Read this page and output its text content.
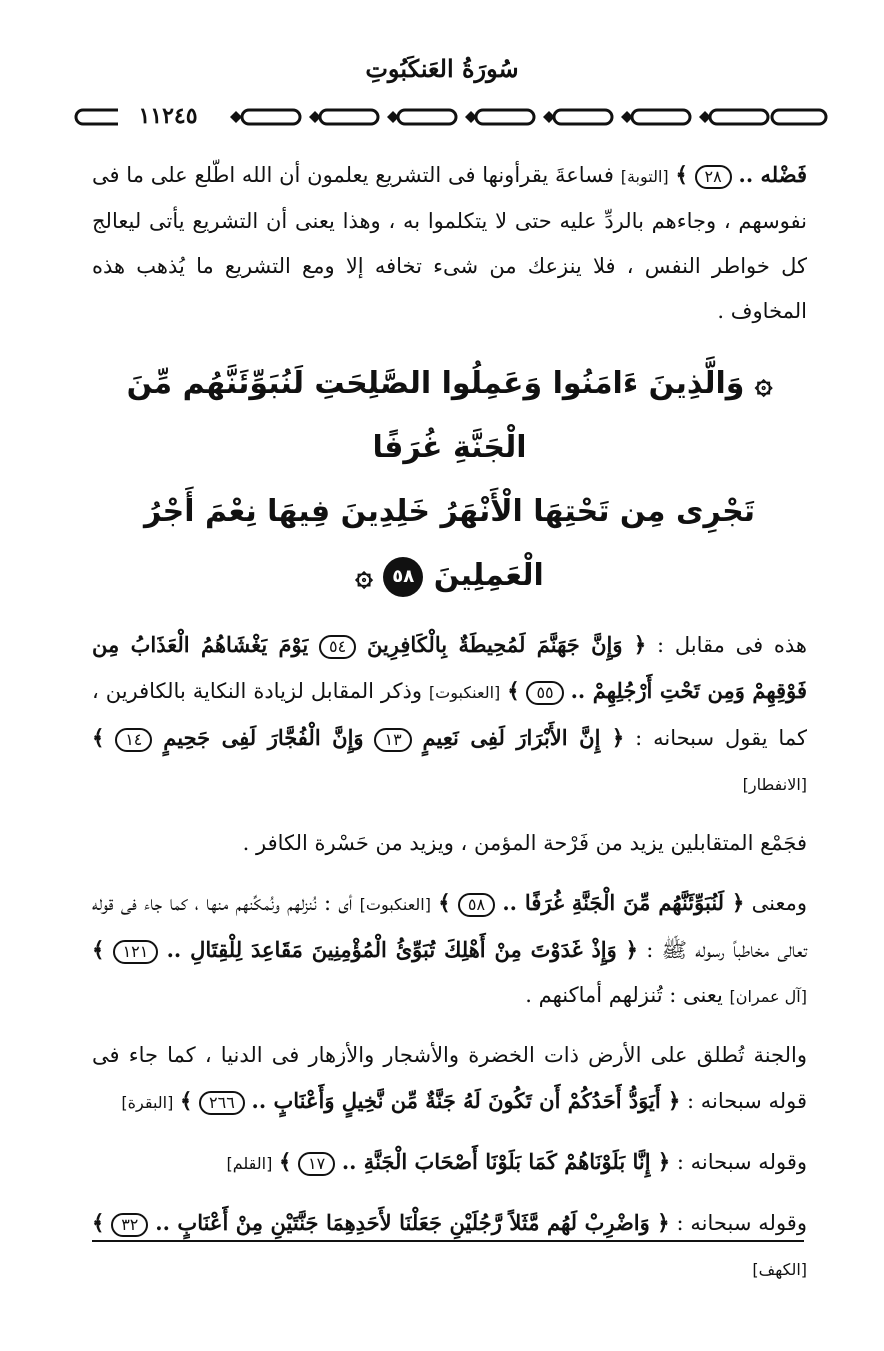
سُورَةُ العَنكَبُوتِ
١١٢٤٥

فَضْله .. ٢٨ ﴾ [التوبة] فساعةَ يقرأونها فى التشريع يعلمون أن الله اطّلع على ما فى نفوسهم ، وجاءهم بالردِّ عليه حتى لا يتكلموا به ، وهذا يعنى أن التشريع يأتى ليعالج كل خواطر النفس ، فلا ينزعك من شىء تخافه إلا ومع التشريع ما يُذهب هذه المخاوف .

۞ وَالَّذِينَ ءَامَنُوا وَعَمِلُوا الصَّلِحَتِ لَنُبَوِّئَنَّهُم مِّنَ الْجَنَّةِ غُرَفًا
تَجْرِى مِن تَحْتِهَا الْأَنْهَرُ خَلِدِينَ فِيهَا نِعْمَ أَجْرُ الْعَمِلِينَ ٥٨ ۞

هذه فى مقابل : ﴿ وَإِنَّ جَهَنَّمَ لَمُحِيطَةٌ بِالْكَافِرِينَ ٥٤ يَوْمَ يَغْشَاهُمُ الْعَذَابُ مِن فَوْقِهِمْ وَمِن تَحْتِ أَرْجُلِهِمْ .. ٥٥ ﴾ [العنكبوت] وذكر المقابل لزيادة النكاية بالكافرين ، كما يقول سبحانه : ﴿ إِنَّ الأَبْرَارَ لَفِى نَعِيمٍ ١٣ وَإِنَّ الْفُجَّارَ لَفِى جَحِيمٍ ١٤ ﴾ [الانفطار]

فجَمْع المتقابلين يزيد من فَرْحة المؤمن ، ويزيد من حَسْرة الكافر .

ومعنى ﴿ لَنُبَوِّئَنَّهُم مِّنَ الْجَنَّةِ غُرَفًا .. ٥٨ ﴾ [العنكبوت] أى : نُنزلهم ونُمكِّنهم منها ، كما جاء فى قوله تعالى مخاطباً رسوله ﷺ : ﴿ وَإِذْ غَدَوْتَ مِنْ أَهْلِكَ تُبَوِّئُ الْمُؤْمِنِينَ مَقَاعِدَ لِلْقِتَالِ .. ١٢١ ﴾ [آل عمران] يعنى : تُنزلهم أماكنهم .

والجنة تُطلق على الأرض ذات الخضرة والأشجار والأزهار فى الدنيا ، كما جاء فى قوله سبحانه : ﴿ أَيَوَدُّ أَحَدُكُمْ أَن تَكُونَ لَهُ جَنَّةٌ مِّن نَّخِيلٍ وَأَعْنَابٍ .. ٢٦٦ ﴾ [البقرة]

وقوله سبحانه : ﴿ إِنَّا بَلَوْنَاهُمْ كَمَا بَلَوْنَا أَصْحَابَ الْجَنَّةِ .. ١٧ ﴾ [القلم]

وقوله سبحانه : ﴿ وَاضْرِبْ لَهُم مَّثَلاً رَّجُلَيْنِ جَعَلْنَا لأَحَدِهِمَا جَنَّتَيْنِ مِنْ أَعْنَابٍ .. ٣٢ ﴾ [الكهف]
